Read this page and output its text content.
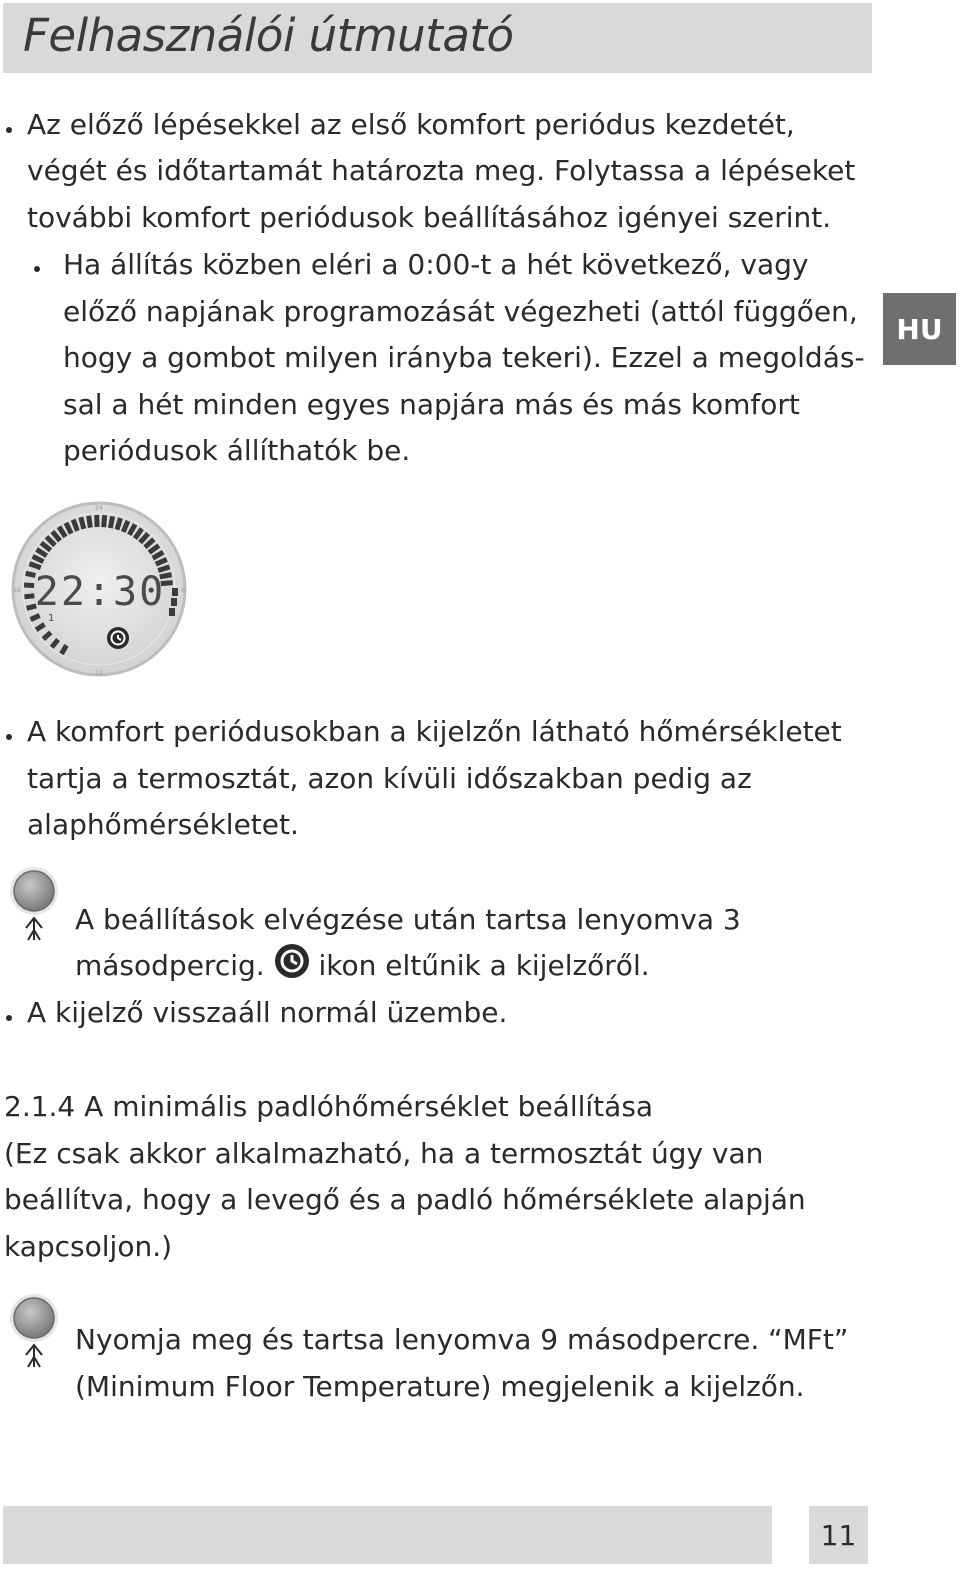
Felhasználói útmutató
HU

Az előző lépésekkel az első komfort periódus kezdetét,

végét és időtartamát határozta meg. Folytassa a lépéseket

további komfort periódusok beállításához igényei szerint.

Ha állítás közben eléri a 0:00-t a hét következő, vagy

előző napjának programozását végezheti (attól függően,

hogy a gombot milyen irányba tekeri). Ezzel a megoldás-

sal a hét minden egyes napjára más és más komfort

periódusok állíthatók be.

24
12
18	6
22:30
1

A komfort periódusokban a kijelzőn látható hőmérsékletet

tartja a termosztát, azon kívüli időszakban pedig az

alaphőmérsékletet.

A beállítások elvégzése után tartsa lenyomva 3

másodpercig. ikon eltűnik a kijelzőről.

A kijelző visszaáll normál üzembe.

2.1.4 A minimális padlóhőmérséklet beállítása

(Ez csak akkor alkalmazható, ha a termosztát úgy van

beállítva, hogy a levegő és a padló hőmérséklete alapján

kapcsoljon.)

Nyomja meg és tartsa lenyomva 9 másodpercre. “MFt”

(Minimum Floor Temperature) megjelenik a kijelzőn.

11
